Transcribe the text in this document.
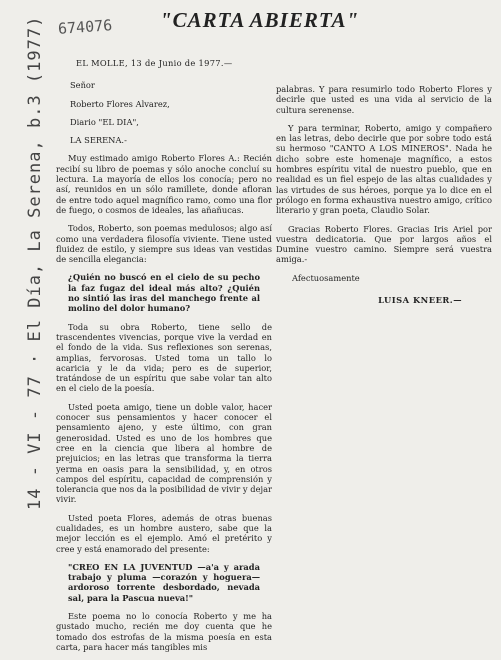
674076
14 - VI - 77 · El Día, La Serena, b.3 (1977)	"CARTA ABIERTA"
EL MOLLE, 13 de Junio de 1977.—
Señor
Roberto Flores Alvarez,
Diario "EL DIA",
LA SERENA.-

Muy estimado amigo Roberto Flores A.: Recién recibí su libro de poemas y sólo anoche concluí su lectura. La mayoría de ellos los conocía; pero no así, reunidos en un sólo ramillete, donde afloran de entre todo aquel magnífico ramo, como una flor de fuego, o cosmos de ideales, las añañucas.

Todos, Roberto, son poemas medulosos; algo así como una verdadera filosofía viviente. Tiene usted fluidez de estilo, y siempre sus ideas van vestidas de sencilla elegancia:

¿Quién no buscó en el cielo de su pecho la faz fugaz del ideal más alto? ¿Quién no sintió las iras del manchego frente al molino del dolor humano?

Toda su obra Roberto, tiene sello de trascendentes vivencias, porque vive la verdad en el fondo de la vida. Sus reflexiones son serenas, amplias, fervorosas. Usted toma un tallo lo acaricia y le da vida; pero es de superior, tratándose de un espíritu que sabe volar tan alto en el cielo de la poesía.

Usted poeta amigo, tiene un doble valor, hacer conocer sus pensamientos y hacer conocer el pensamiento ajeno, y este último, con gran generosidad. Usted es uno de los hombres que cree en la ciencia que libera al hombre de prejuicios; en las letras que transforma la tierra yerma en oasis para la sensibilidad, y, en otros campos del espíritu, capacidad de comprensión y tolerancia que nos da la posibilidad de vivir y dejar vivir.

Usted poeta Flores, además de otras buenas cualidades, es un hombre austero, sabe que la mejor lección es el ejemplo. Amó el pretérito y cree y está enamorado del presente:

"CREO EN LA JUVENTUD —a'a y arada trabajo y pluma —corazón y hoguera— ardoroso torrente desbordado, nevada sal, para la Pascua nueva!"

Este poema no lo conocía Roberto y me ha gustado mucho, recién me doy cuenta que he tomado dos estrofas de la misma poesía en esta carta, para hacer más tangibles mis

palabras. Y para resumirlo todo Roberto Flores y decirle que usted es una vida al servicio de la cultura serenense.

Y para terminar, Roberto, amigo y compañero en las letras, debo decirle que por sobre todo está su hermoso "CANTO A LOS MINEROS". Nada he dicho sobre este homenaje magnífico, a estos hombres espíritu vital de nuestro pueblo, que en realidad es un fiel espejo de las altas cualidades y las virtudes de sus héroes, porque ya lo dice en el prólogo en forma exhaustiva nuestro amigo, crítico literario y gran poeta, Claudio Solar.

Gracias Roberto Flores. Gracias Iris Ariel por vuestra dedicatoria. Que por largos años el Dumine vuestro camino. Siempre será vuestra amiga.-

Afectuosamente

LUISA KNEER.—
